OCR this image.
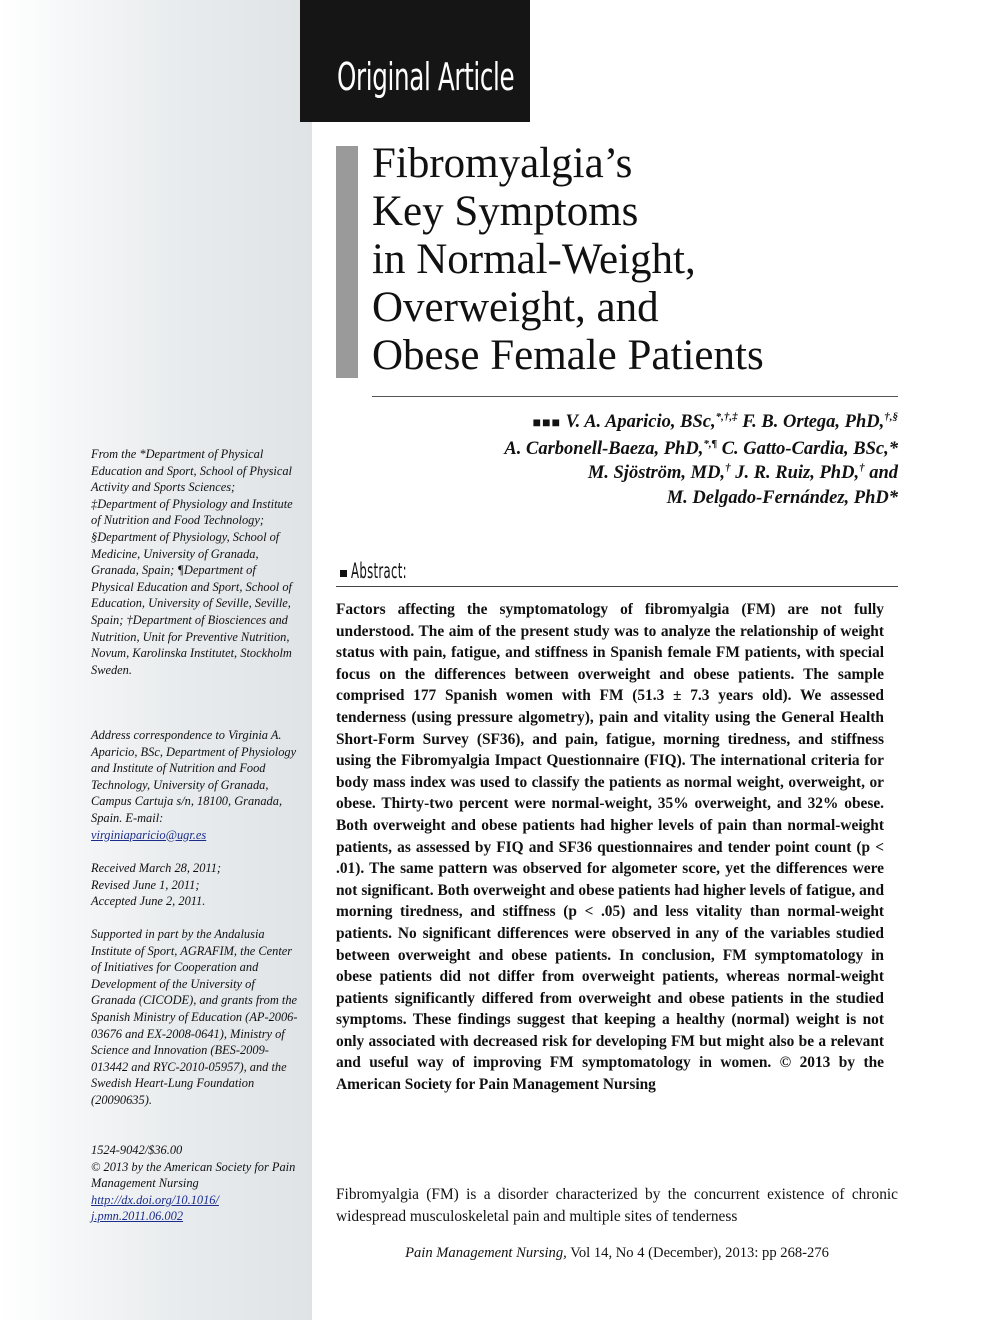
Original Article
Fibromyalgia’s
Key Symptoms
in Normal-Weight,
Overweight, and
Obese Female Patients
■■■ V. A. Aparicio, BSc,*,†,‡ F. B. Ortega, PhD,†,§
A. Carbonell-Baeza, PhD,*,¶ C. Gatto-Cardia, BSc,*
M. Sjöström, MD,† J. R. Ruiz, PhD,† and
M. Delgado-Fernández, PhD*

From the *Department of Physical Education and Sport, School of Physical Activity and Sports Sciences; ‡Department of Physiology and Institute of Nutrition and Food Technology; §Department of Physiology, School of Medicine, University of Granada, Granada, Spain; ¶Department of Physical Education and Sport, School of Education, University of Seville, Seville, Spain; †Department of Biosciences and Nutrition, Unit for Preventive Nutrition, Novum, Karolinska Institutet, Stockholm Sweden.

Address correspondence to Virginia A. Aparicio, BSc, Department of Physiology and Institute of Nutrition and Food Technology, University of Granada, Campus Cartuja s/n, 18100, Granada, Spain. E-mail:

virginiaparicio@ugr.es

Received March 28, 2011;

Revised June 1, 2011;

Accepted June 2, 2011.

Supported in part by the Andalusia Institute of Sport, AGRAFIM, the Center of Initiatives for Cooperation and Development of the University of Granada (CICODE), and grants from the Spanish Ministry of Education (AP-2006-03676 and EX-2008-0641), Ministry of Science and Innovation (BES-2009-013442 and RYC-2010-05957), and the Swedish Heart-Lung Foundation (20090635).

1524-9042/$36.00

© 2013 by the American Society for Pain Management Nursing

http://dx.doi.org/10.1016/

j.pmn.2011.06.002

Abstract:

Factors affecting the symptomatology of fibromyalgia (FM) are not fully understood. The aim of the present study was to analyze the relationship of weight status with pain, fatigue, and stiffness in Spanish female FM patients, with special focus on the differences between overweight and obese patients. The sample comprised 177 Spanish women with FM (51.3 ± 7.3 years old). We assessed tenderness (using pressure algometry), pain and vitality using the General Health Short-Form Survey (SF36), and pain, fatigue, morning tiredness, and stiffness using the Fibromyalgia Impact Questionnaire (FIQ). The international criteria for body mass index was used to classify the patients as normal weight, overweight, or obese. Thirty-two percent were normal-weight, 35% overweight, and 32% obese. Both overweight and obese patients had higher levels of pain than normal-weight patients, as assessed by FIQ and SF36 questionnaires and tender point count (p < .01). The same pattern was observed for algometer score, yet the differences were not significant. Both overweight and obese patients had higher levels of fatigue, and morning tiredness, and stiffness (p < .05) and less vitality than normal-weight patients. No significant differences were observed in any of the variables studied between overweight and obese patients. In conclusion, FM symptomatology in obese patients did not differ from overweight patients, whereas normal-weight patients significantly differed from overweight and obese patients in the studied symptoms. These findings suggest that keeping a healthy (normal) weight is not only associated with decreased risk for developing FM but might also be a relevant and useful way of improving FM symptomatology in women. © 2013 by the American Society for Pain Management Nursing

Fibromyalgia (FM) is a disorder characterized by the concurrent existence of chronic widespread musculoskeletal pain and multiple sites of tenderness

Pain Management Nursing, Vol 14, No 4 (December), 2013: pp 268-276
